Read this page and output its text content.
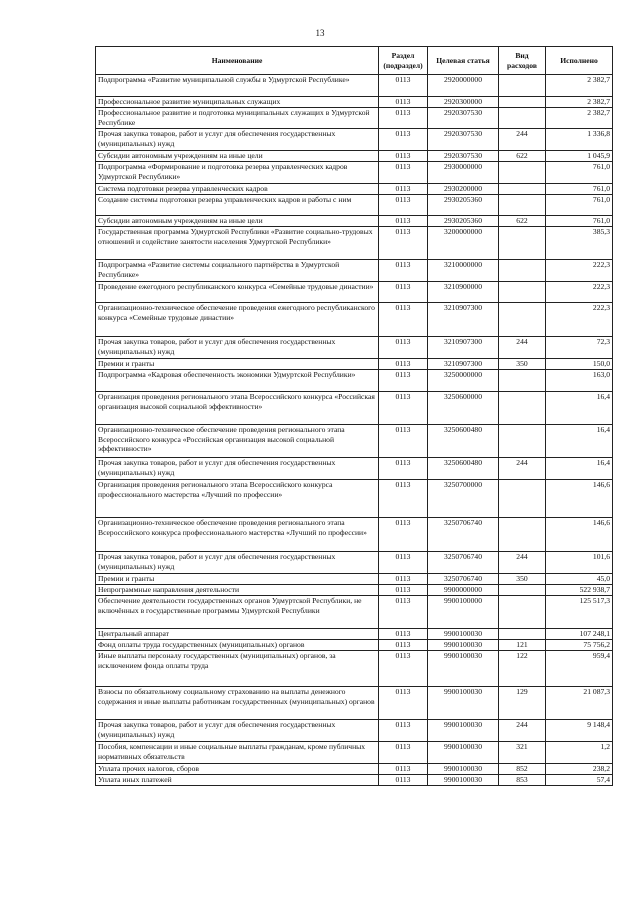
13
Наименование	Раздел (подраздел)	Целевая статья	Вид расходов	Исполнено
Подпрограмма «Развитие муниципальной службы в Удмуртской Республике»	0113	2920000000		2 382,7
Профессиональное развитие муниципальных служащих	0113	2920300000		2 382,7
Профессиональное развитие и подготовка муниципальных служащих в Удмуртской Республике	0113	2920307530		2 382,7
Прочая закупка товаров, работ и услуг для обеспечения государственных (муниципальных) нужд	0113	2920307530	244	1 336,8
Субсидии автономным учреждениям на иные цели	0113	2920307530	622	1 045,9
Подпрограмма «Формирование и подготовка резерва управленческих кадров Удмуртской Республики»	0113	2930000000		761,0
Система подготовки резерва управленческих кадров	0113	2930200000		761,0
Создание системы подготовки резерва управленческих кадров и работы с ним	0113	2930205360		761,0
Субсидии автономным учреждениям на иные цели	0113	2930205360	622	761,0
Государственная программа Удмуртской Республики «Развитие социально-трудовых отношений и содействие занятости населения Удмуртской Республики»	0113	3200000000		385,3
Подпрограмма «Развитие системы социального партнёрства в Удмуртской Республике»	0113	3210000000		222,3
Проведение ежегодного республиканского конкурса «Семейные трудовые династии»	0113	3210900000		222,3
Организационно-техническое обеспечение проведения ежегодного республиканского конкурса «Семейные трудовые династии»	0113	3210907300		222,3
Прочая закупка товаров, работ и услуг для обеспечения государственных (муниципальных) нужд	0113	3210907300	244	72,3
Премии и гранты	0113	3210907300	350	150,0
Подпрограмма «Кадровая обеспеченность экономики Удмуртской Республики»	0113	3250000000		163,0
Организация проведения регионального этапа Всероссийского конкурса «Российская организация высокой социальной эффективности»	0113	3250600000		16,4
Организационно-техническое обеспечение проведения регионального этапа Всероссийского конкурса «Российская организация высокой социальной эффективности»	0113	3250600480		16,4
Прочая закупка товаров, работ и услуг для обеспечения государственных (муниципальных) нужд	0113	3250600480	244	16,4
Организация проведения регионального этапа Всероссийского конкурса профессионального мастерства «Лучший по профессии»	0113	3250700000		146,6
Организационно-техническое обеспечение проведения регионального этапа Всероссийского конкурса профессионального мастерства «Лучший по профессии»	0113	3250706740		146,6
Прочая закупка товаров, работ и услуг для обеспечения государственных (муниципальных) нужд	0113	3250706740	244	101,6
Премии и гранты	0113	3250706740	350	45,0
Непрограммные направления деятельности	0113	9900000000		522 938,7
Обеспечение деятельности государственных органов Удмуртской Республики, не включённых в государственные программы Удмуртской Республики	0113	9900100000		125 517,3
Центральный аппарат	0113	9900100030		107 248,1
Фонд оплаты труда государственных (муниципальных) органов	0113	9900100030	121	75 756,2
Иные выплаты персоналу государственных (муниципальных) органов, за исключением фонда оплаты труда	0113	9900100030	122	959,4
Взносы по обязательному социальному страхованию на выплаты денежного содержания и иные выплаты работникам государственных (муниципальных) органов	0113	9900100030	129	21 087,3
Прочая закупка товаров, работ и услуг для обеспечения государственных (муниципальных) нужд	0113	9900100030	244	9 148,4
Пособия, компенсации и иные социальные выплаты гражданам, кроме публичных нормативных обязательств	0113	9900100030	321	1,2
Уплата прочих налогов, сборов	0113	9900100030	852	238,2
Уплата иных платежей	0113	9900100030	853	57,4
